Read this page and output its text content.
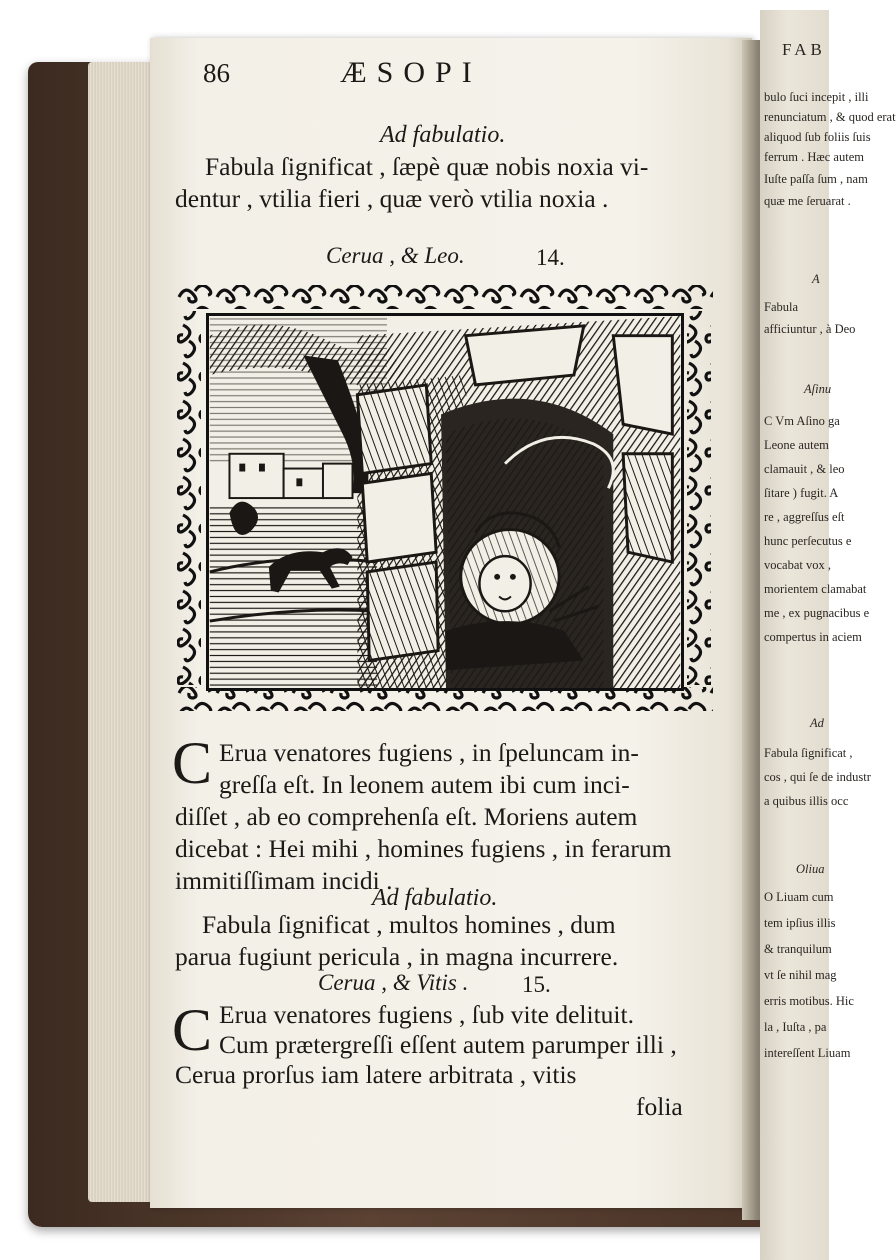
FAB
bulo ſuci incepit , illi
renunciatum , & quod erat
aliquod ſub foliis ſuis
ferrum . Hæc autem
Iuſte paſſa ſum , nam
quæ me ſeruarat .
A
Fabula
afficiuntur , à Deo
Aſinu
C Vm Aſino ga
Leone autem
clamauit , & leo
ſitare ) fugit. A
re , aggreſſus eſt
hunc perſecutus e
vocabat vox ,
morientem clamabat
me , ex pugnacibus e
compertus in aciem
Ad
Fabula ſignificat ,
cos , qui ſe de industr
a quibus illis occ
Oliua
O Liuam cum
tem ipſius illis
& tranquilum
vt ſe nihil mag
erris motibus. Hic
la , Iuſta , pa
intereſſent Liuam
86	ÆSOPI
Ad fabulatio.
Fabula ſignificat , ſæpè quæ nobis noxia vi-
dentur , vtilia fieri , quæ verò vtilia noxia .
Cerua , & Leo.	14.
C Erua venatores fugiens , in ſpeluncam in-
greſſa eſt. In leonem autem ibi cum inci-
diſſet , ab eo comprehenſa eſt. Moriens autem
dicebat : Hei mihi , homines fugiens , in ferarum
immitiſſimam incidi .
Ad fabulatio.
Fabula ſignificat , multos homines , dum
parua fugiunt pericula , in magna incurrere.
Cerua , & Vitis . 15.
C Erua venatores fugiens , ſub vite delituit.
Cum prætergreſſi eſſent autem parumper illi ,
Cerua prorſus iam latere arbitrata , vitis
folia
